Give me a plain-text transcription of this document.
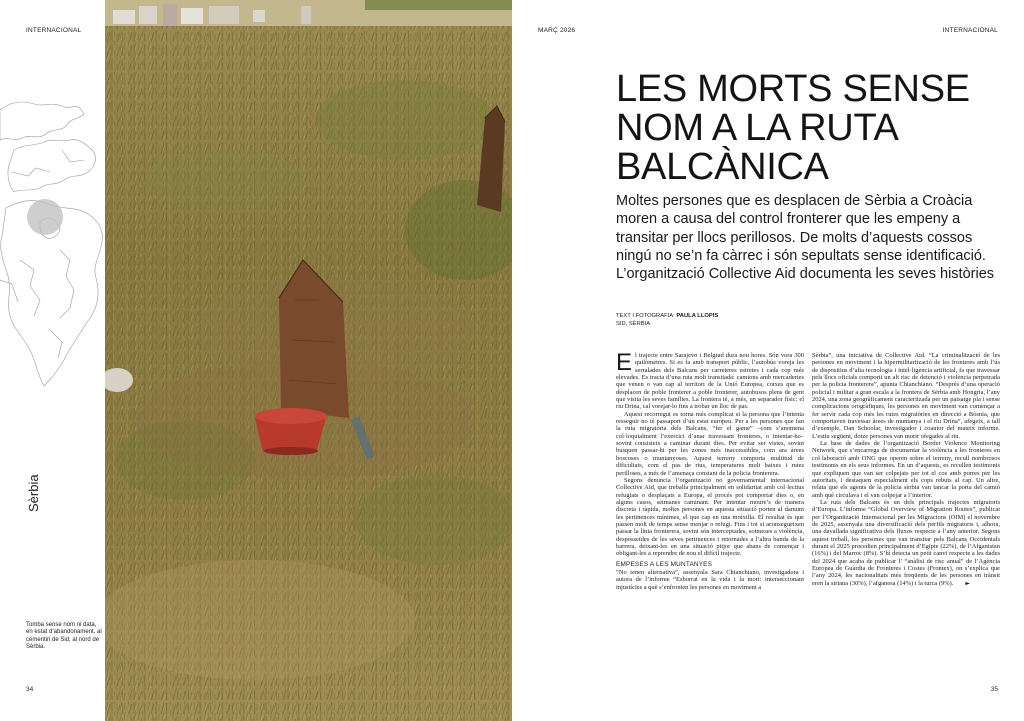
INTERNACIONAL
Sèrbia
Tomba sense nom ni data, en estat d’abandonament, al cementiri de Sid, al nord de Sèrbia.
34
MARÇ 2026	INTERNACIONAL
LES MORTS SENSE NOM A LA RUTA BALCÀNICA

Moltes persones que es desplacen de Sèrbia a Croàcia moren a causa del control fronterer que les empeny a transitar per llocs perillosos. De molts d’aquests cossos ningú no se’n fa càrrec i són sepultats sense identificació. L’organització Collective Aid documenta les seves històries

TEXT I FOTOGRAFIA: PAULA LLOPIS
SID, SÈRBIA

El trajecte entre Sarajevo i Belgrad dura nou hores. Són vora 300 quilòmetres. Si es fa amb transport públic, l’autobús voreja les serralades dels Balcans per carreteres estretes i cada cop més elevades. Es tracta d’una ruta molt transitada: camions amb mercaderies que venen o van cap al territori de la Unió Europea, cotxes que es desplacen de poble fronterer a poble fronterer, autobusos plens de gent que visita les seves famílies. La frontera té, a més, un separador físic: el riu Drina, cal vorejar-lo fins a trobar un lloc de pas.

Aquest recorregut es torna més complicat si la persona que l’intenta resseguir no té passaport d’un estat europeu. Per a les persones que fan la ruta migratòria dels Balcans, “fer el game” –com s’anomena col·loquialment l’exercici d’anar travessant fronteres, o intentar-ho– sovint consisteix a caminar durant dies. Per evitar ser vistes, sovint busquen passar-hi per les zones més inaccessibles, com ara àrees boscoses o muntanyoses. Aquest terreny comporta multitud de dificultats, com el pas de rius, temperatures molt baixes i rutes perilloses, a més de l’amenaça constant de la policia fronterera.

Segons denuncia l’organització no governamental internacional Collective Aid, que treballa principalment en solidaritat amb col·lectius refugiats o desplaçats a Europa, el procés pot comportar dies o, en alguns casos, setmanes caminant. Per intentar moure’s de manera discreta i ràpida, moltes persones en aquesta situació porten al damunt les pertinences mínimes, el que cap en una motxilla. El resultat és que passen molt de temps sense menjar o refugi. Fins i tot si aconsegueixen passar la línia fronterera, sovint són interceptades, sotmeses a violència, desposseïdes de les seves pertinences i retornades a l’altra banda de la barrera, deixant-les en una situació pitjor que abans de començar i obligant-les a reprendre de nou el difícil trajecte.

EMPESES A LES MUNTANYES

“No tenen alternativa”, assenyala Sara Chianchiano, investigadora i autora de l’informe “Esborrat en la vida i la mort: interseccionant injustícies a què s’enfronten les persones en moviment a

Sèrbia”, una iniciativa de Collective Aid. “La criminalització de les persones en moviment i la hipermilitarització de les fronteres amb l’ús de dispositius d’alta tecnologia i intel·ligència artificial, fa que travessar pels llocs oficials comporti un alt risc de detenció i violència perpetrada per la policia fronterera”, apunta Chianchiano. “Després d’una operació policial i militar a gran escala a la frontera de Sèrbia amb Hongria, l’any 2024, una zona geogràficament caracteritzada per un paisatge pla i sense complicacions orogràfiques, les persones en moviment van començar a fer servir cada cop més les rutes migratòries en direcció a Bòsnia, que comportaven travessar àrees de muntanya i el riu Drina”, afegeix, a tall d’exemple, Dan Schoolar, investigador i coautor del mateix informe. L’estiu següent, dotze persones van morir ofegades al riu.

La base de dades de l’organització Border Violence Monitoring Network, que s’encarrega de documentar la violència a les fronteres en col·laboració amb ONG que operen sobre el terreny, recull nombrosos testimonis en els seus informes. En un d’aquests, es recullen testimonis que expliquen que van ser colpejats per tot el cos amb porres per les autoritats, i destaquen especialment els cops rebuts al cap. Un altre, relata que els agents de la policia sèrbia van tancar la porta del camió amb què circulava i el van colpejar a l’interior.

La ruta dels Balcans és un dels principals trajectes migratoris d’Europa. L’informe “Global Overview of Migration Routes”, publicat per l’Organització Internacional per les Migracions (OIM) el novembre de 2025, assenyala una diversificació dels perfils migratoris i, alhora, una davallada significativa dels fluxos respecte a l’any anterior. Segons aquest treball, les persones que van transitar pels Balcans Occidentals durant el 2025 procedien principalment d’Egipte (22%), de l’Afganistan (16%) i del Marroc (8%). S’hi detecta un petit canvi respecte a les dades del 2024 que acaba de publicar l’ “anàlisi de risc anual” de l’Agència Europea de Guàrdia de Fronteres i Costes (Frontex), on s’explica que l’any 2024, les nacionalitats més freqüents de les persones en trànsit eren la siriana (30%), l’afganesa (14%) i la turca (9%). ►

35
